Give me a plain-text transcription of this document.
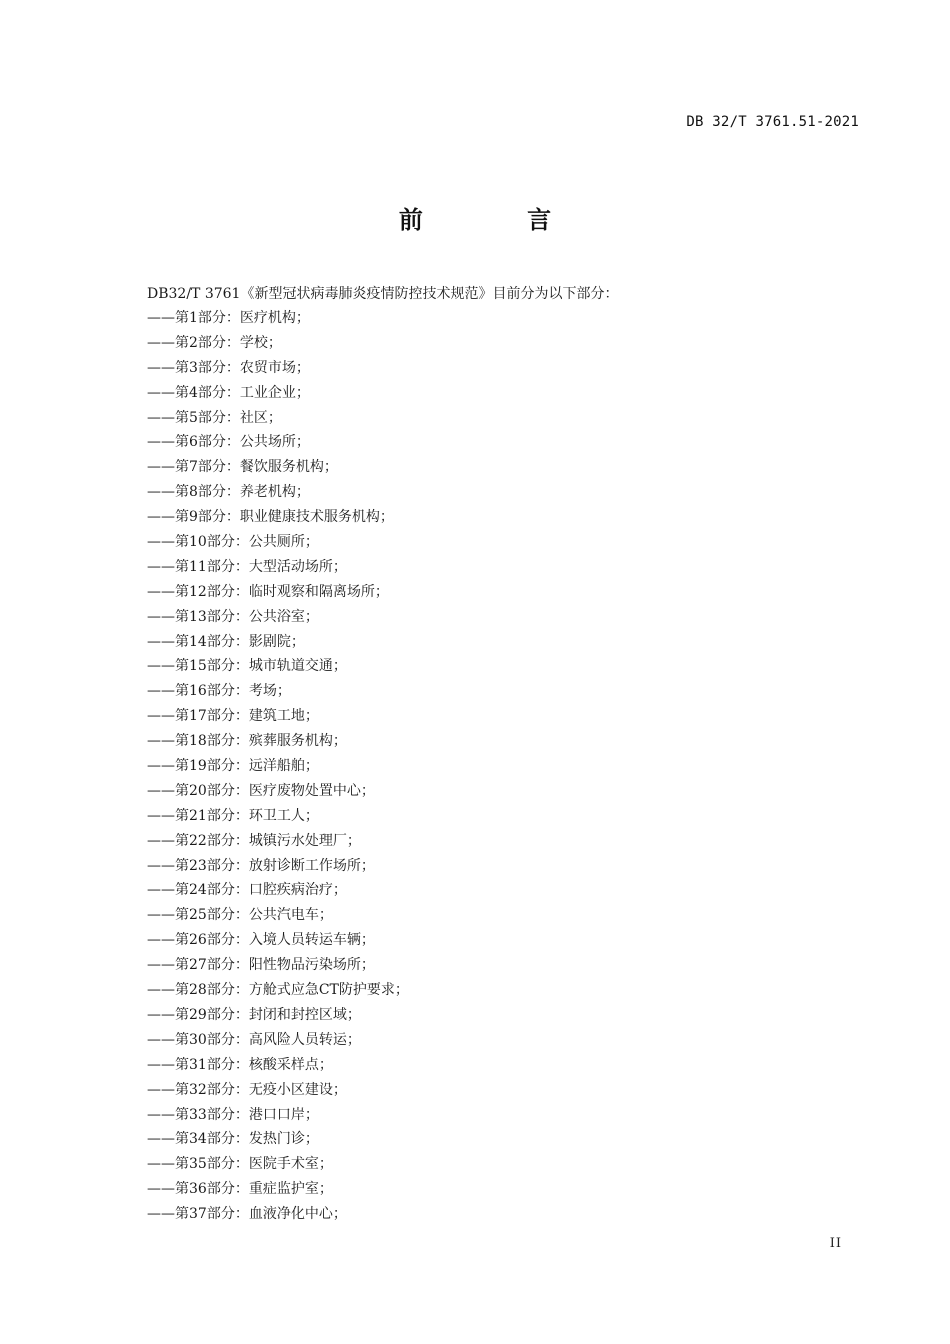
DB 32/T 3761.51-2021
前 言
DB32/T 3761《新型冠状病毒肺炎疫情防控技术规范》目前分为以下部分：
——第1部分：医疗机构；
——第2部分：学校；
——第3部分：农贸市场；
——第4部分：工业企业；
——第5部分：社区；
——第6部分：公共场所；
——第7部分：餐饮服务机构；
——第8部分：养老机构；
——第9部分：职业健康技术服务机构；
——第10部分：公共厕所；
——第11部分：大型活动场所；
——第12部分：临时观察和隔离场所；
——第13部分：公共浴室；
——第14部分：影剧院；
——第15部分：城市轨道交通；
——第16部分：考场；
——第17部分：建筑工地；
——第18部分：殡葬服务机构；
——第19部分：远洋船舶；
——第20部分：医疗废物处置中心；
——第21部分：环卫工人；
——第22部分：城镇污水处理厂；
——第23部分：放射诊断工作场所；
——第24部分：口腔疾病治疗；
——第25部分：公共汽电车；
——第26部分：入境人员转运车辆；
——第27部分：阳性物品污染场所；
——第28部分：方舱式应急CT防护要求；
——第29部分：封闭和封控区域；
——第30部分：高风险人员转运；
——第31部分：核酸采样点；
——第32部分：无疫小区建设；
——第33部分：港口口岸；
——第34部分：发热门诊；
——第35部分：医院手术室；
——第36部分：重症监护室；
——第37部分：血液净化中心；
II
